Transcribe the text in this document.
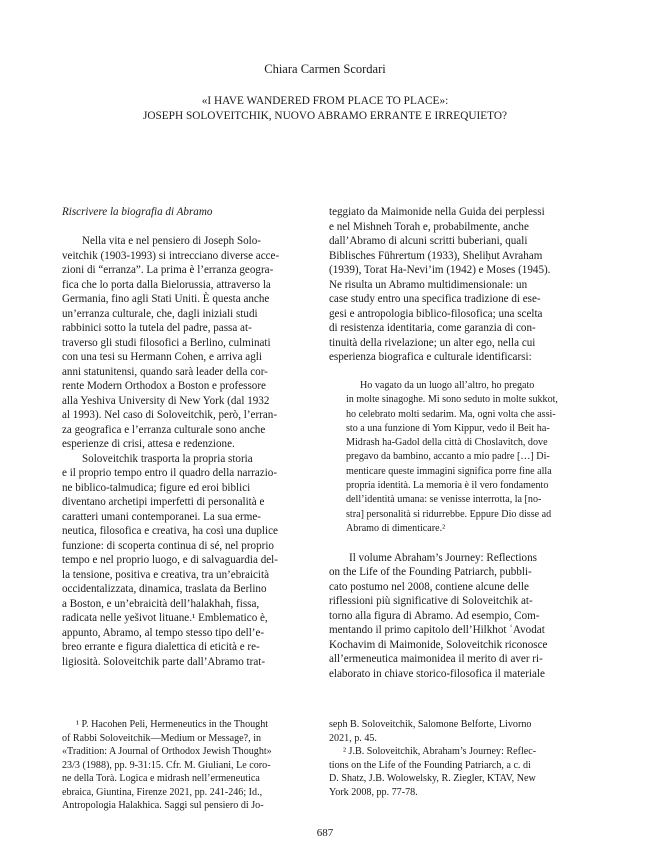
Chiara Carmen Scordari
«I HAVE WANDERED FROM PLACE TO PLACE»:
JOSEPH SOLOVEITCHIK, NUOVO ABRAMO ERRANTE E IRREQUIETO?
Riscrivere la biografia di Abramo
Nella vita e nel pensiero di Joseph Solo-
veitchik (1903-1993) si intrecciano diverse acce-
zioni di “erranza”. La prima è l’erranza geogra-
fica che lo porta dalla Bielorussia, attraverso la
Germania, fino agli Stati Uniti. È questa anche
un’erranza culturale, che, dagli iniziali studi
rabbinici sotto la tutela del padre, passa at-
traverso gli studi filosofici a Berlino, culminati
con una tesi su Hermann Cohen, e arriva agli
anni statunitensi, quando sarà leader della cor-
rente Modern Orthodox a Boston e professore
alla Yeshiva University di New York (dal 1932
al 1993). Nel caso di Soloveitchik, però, l’erran-
za geografica e l’erranza culturale sono anche
esperienze di crisi, attesa e redenzione.
Soloveitchik trasporta la propria storia
e il proprio tempo entro il quadro della narrazio-
ne biblico-talmudica; figure ed eroi biblici
diventano archetipi imperfetti di personalità e
caratteri umani contemporanei. La sua erme-
neutica, filosofica e creativa, ha così una duplice
funzione: di scoperta continua di sé, nel proprio
tempo e nel proprio luogo, e di salvaguardia del-
la tensione, positiva e creativa, tra un’ebraicità
occidentalizzata, dinamica, traslata da Berlino
a Boston, e un’ebraicità dell’halakhah, fissa,
radicata nelle yešivot lituane.¹ Emblematico è,
appunto, Abramo, al tempo stesso tipo dell’e-
breo errante e figura dialettica di eticità e re-
ligiosità. Soloveitchik parte dall’Abramo trat-
teggiato da Maimonide nella Guida dei perplessi
e nel Mishneh Torah e, probabilmente, anche
dall’Abramo di alcuni scritti buberiani, quali
Biblisches Führertum (1933), Sheliḥut Avraham
(1939), Torat Ha-Nevi’im (1942) e Moses (1945).
Ne risulta un Abramo multidimensionale: un
case study entro una specifica tradizione di ese-
gesi e antropologia biblico-filosofica; una scelta
di resistenza identitaria, come garanzia di con-
tinuità della rivelazione; un alter ego, nella cui
esperienza biografica e culturale identificarsi:
Ho vagato da un luogo all’altro, ho pregato
in molte sinagoghe. Mi sono seduto in molte sukkot,
ho celebrato molti sedarim. Ma, ogni volta che assi-
sto a una funzione di Yom Kippur, vedo il Beit ha-
Midrash ha-Gadol della città di Choslavitch, dove
pregavo da bambino, accanto a mio padre […] Di-
menticare queste immagini significa porre fine alla
propria identità. La memoria è il vero fondamento
dell’identità umana: se venisse interrotta, la [no-
stra] personalità si ridurrebbe. Eppure Dio disse ad
Abramo di dimenticare.²
Il volume Abraham’s Journey: Reflections
on the Life of the Founding Patriarch, pubbli-
cato postumo nel 2008, contiene alcune delle
riflessioni più significative di Soloveitchik at-
torno alla figura di Abramo. Ad esempio, Com-
mentando il primo capitolo dell’Hilkhot ʿAvodat
Kochavim di Maimonide, Soloveitchik riconosce
all’ermeneutica maimonidea il merito di aver ri-
elaborato in chiave storico-filosofica il materiale
¹ P. Hacohen Peli, Hermeneutics in the Thought
of Rabbi Soloveitchik—Medium or Message?, in
«Tradition: A Journal of Orthodox Jewish Thought»
23/3 (1988), pp. 9-31:15. Cfr. M. Giuliani, Le coro-
ne della Torà. Logica e midrash nell’ermeneutica
ebraica, Giuntina, Firenze 2021, pp. 241-246; Id.,
Antropologia Halakhica. Saggi sul pensiero di Jo-
seph B. Soloveitchik, Salomone Belforte, Livorno
2021, p. 45.
² J.B. Soloveitchik, Abraham’s Journey: Reflec-
tions on the Life of the Founding Patriarch, a c. di
D. Shatz, J.B. Wolowelsky, R. Ziegler, KTAV, New
York 2008, pp. 77-78.
687
